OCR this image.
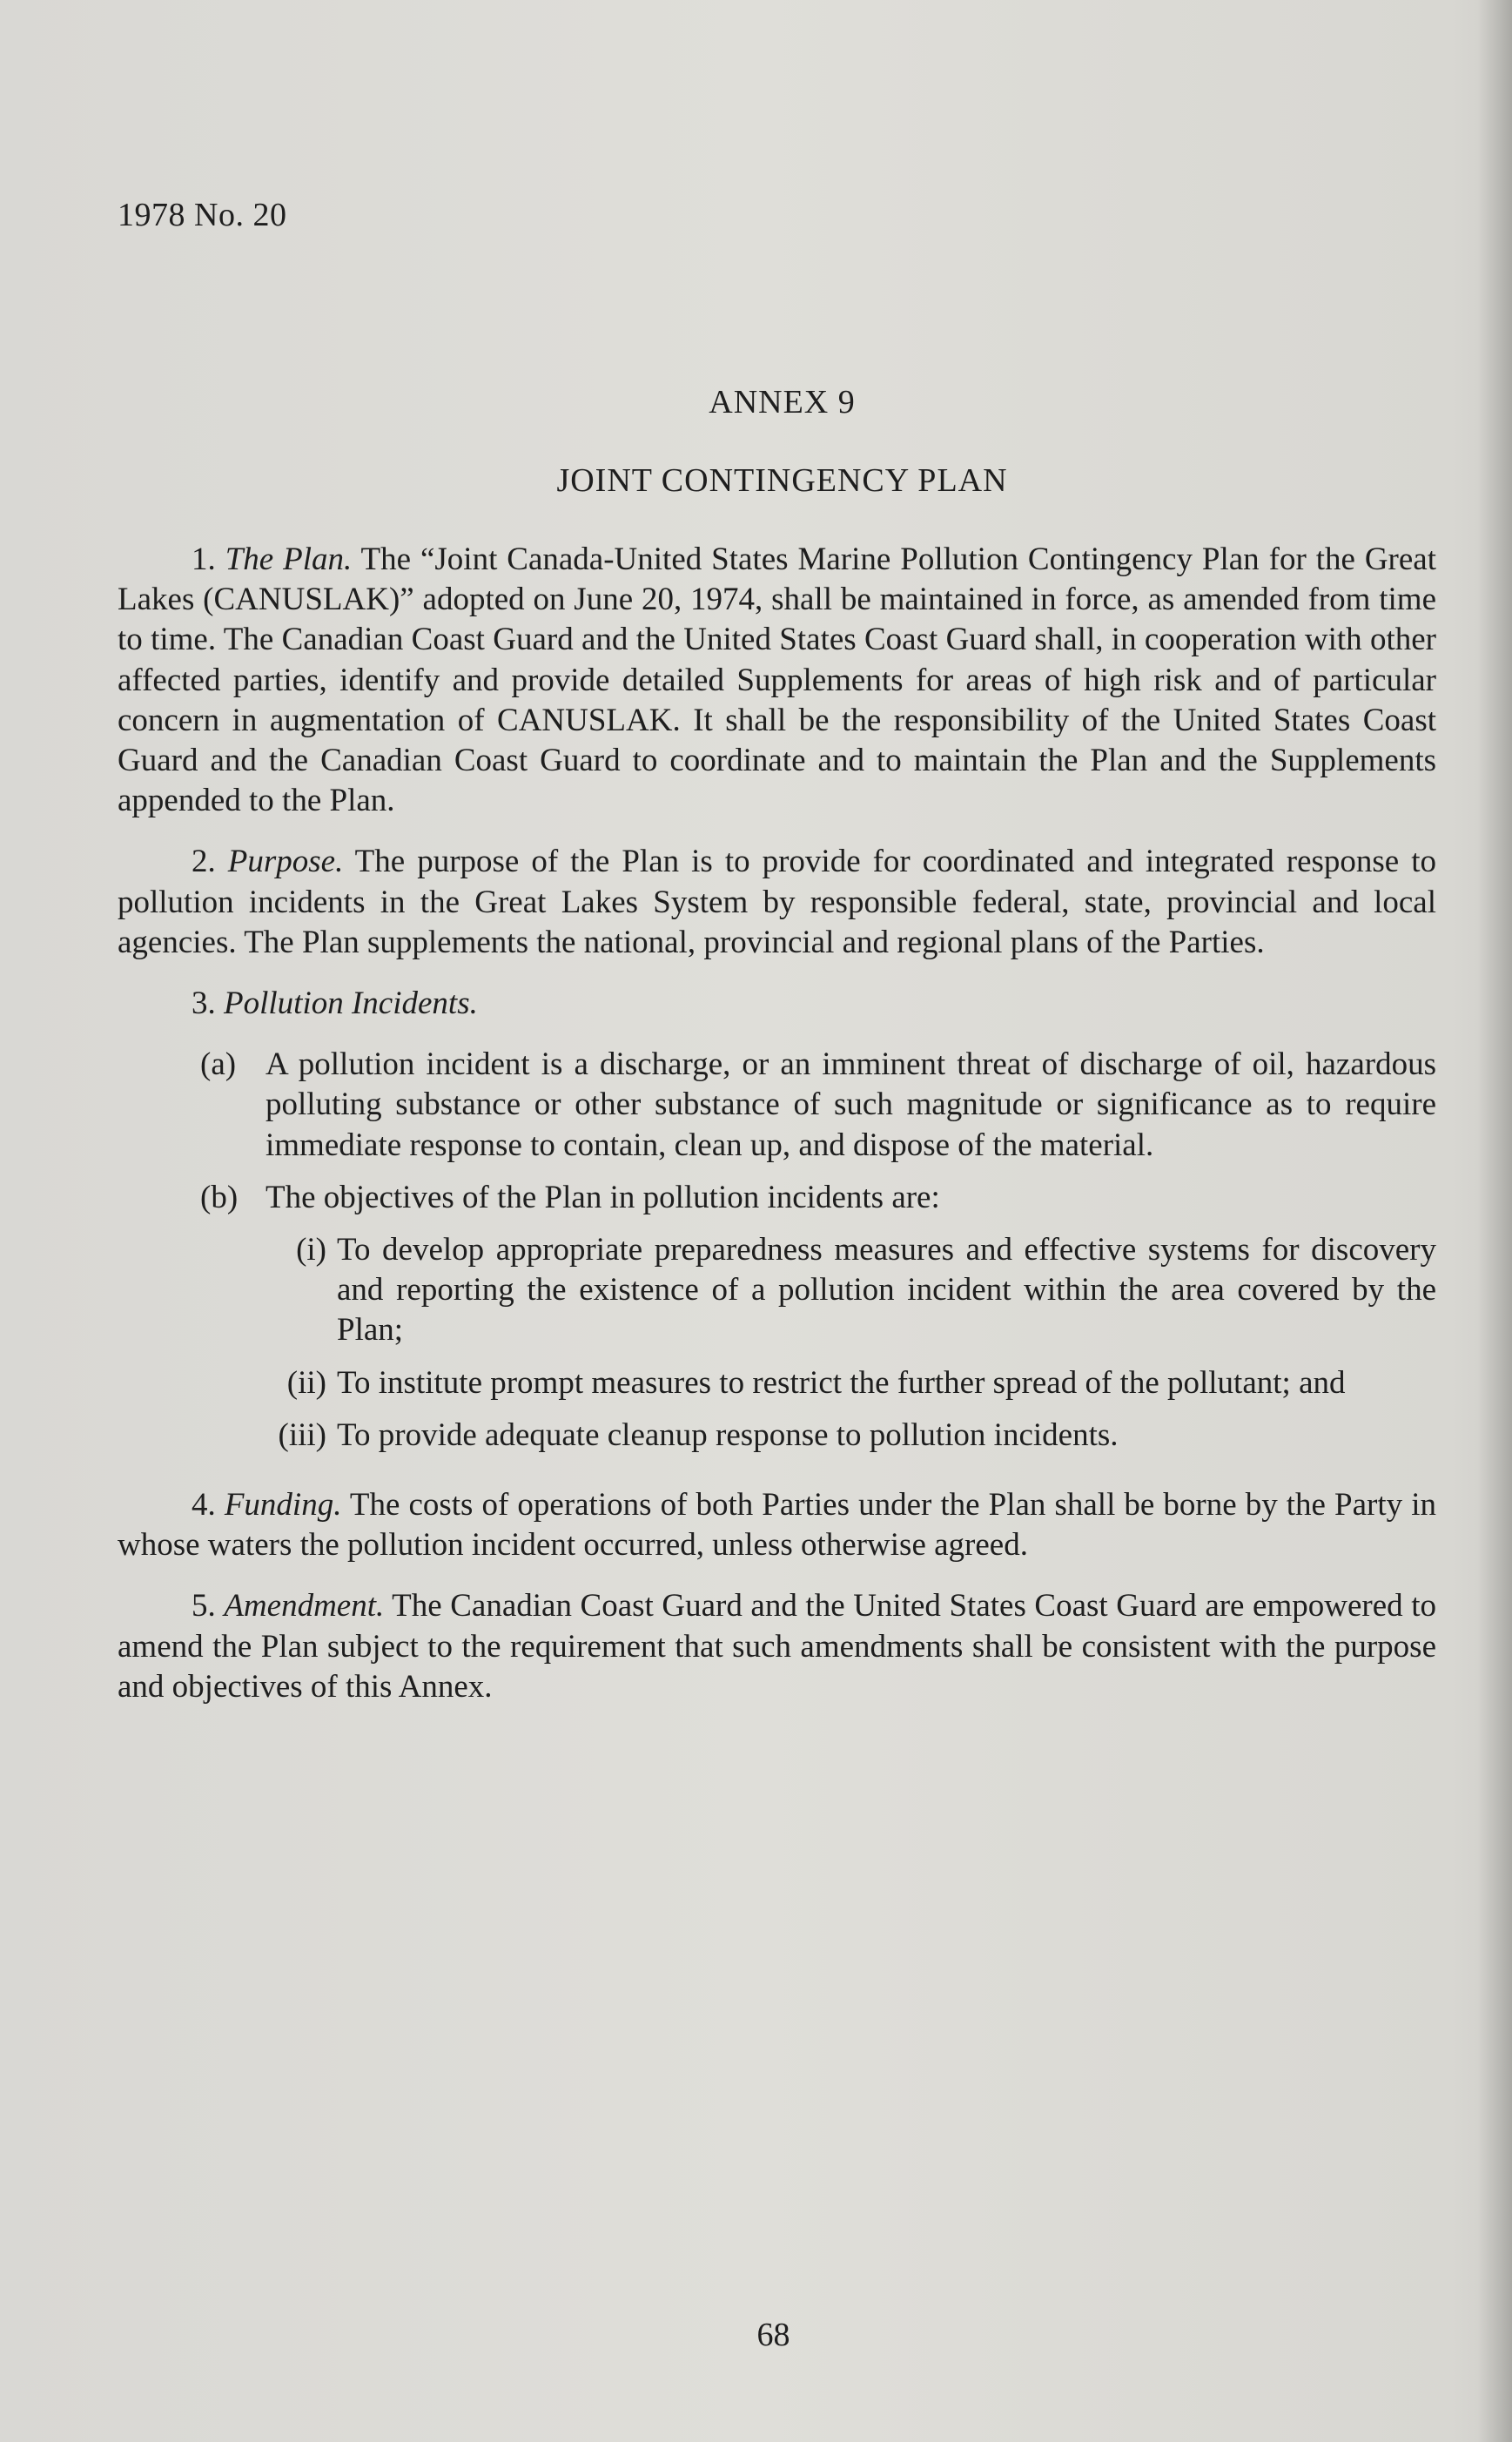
1978 No. 20
ANNEX 9
JOINT CONTINGENCY PLAN

1. The Plan. The “Joint Canada-United States Marine Pollution Contingency Plan for the Great Lakes (CANUSLAK)” adopted on June 20, 1974, shall be maintained in force, as amended from time to time. The Canadian Coast Guard and the United States Coast Guard shall, in cooperation with other affected parties, identify and provide detailed Supplements for areas of high risk and of particular concern in augmentation of CANUSLAK. It shall be the responsibility of the United States Coast Guard and the Canadian Coast Guard to coordinate and to maintain the Plan and the Supplements appended to the Plan.

2. Purpose. The purpose of the Plan is to provide for coordinated and integrated response to pollution incidents in the Great Lakes System by responsible federal, state, provincial and local agencies. The Plan supplements the national, provincial and regional plans of the Parties.

3. Pollution Incidents.

(a) A pollution incident is a discharge, or an imminent threat of discharge of oil, hazardous polluting substance or other substance of such magnitude or significance as to require immediate response to contain, clean up, and dispose of the material.
(b) The objectives of the Plan in pollution incidents are:
(i) To develop appropriate preparedness measures and effective systems for discovery and reporting the existence of a pollution incident within the area covered by the Plan;
(ii) To institute prompt measures to restrict the further spread of the pollutant; and
(iii) To provide adequate cleanup response to pollution incidents.

4. Funding. The costs of operations of both Parties under the Plan shall be borne by the Party in whose waters the pollution incident occurred, unless otherwise agreed.

5. Amendment. The Canadian Coast Guard and the United States Coast Guard are empowered to amend the Plan subject to the requirement that such amendments shall be consistent with the purpose and objectives of this Annex.

68
